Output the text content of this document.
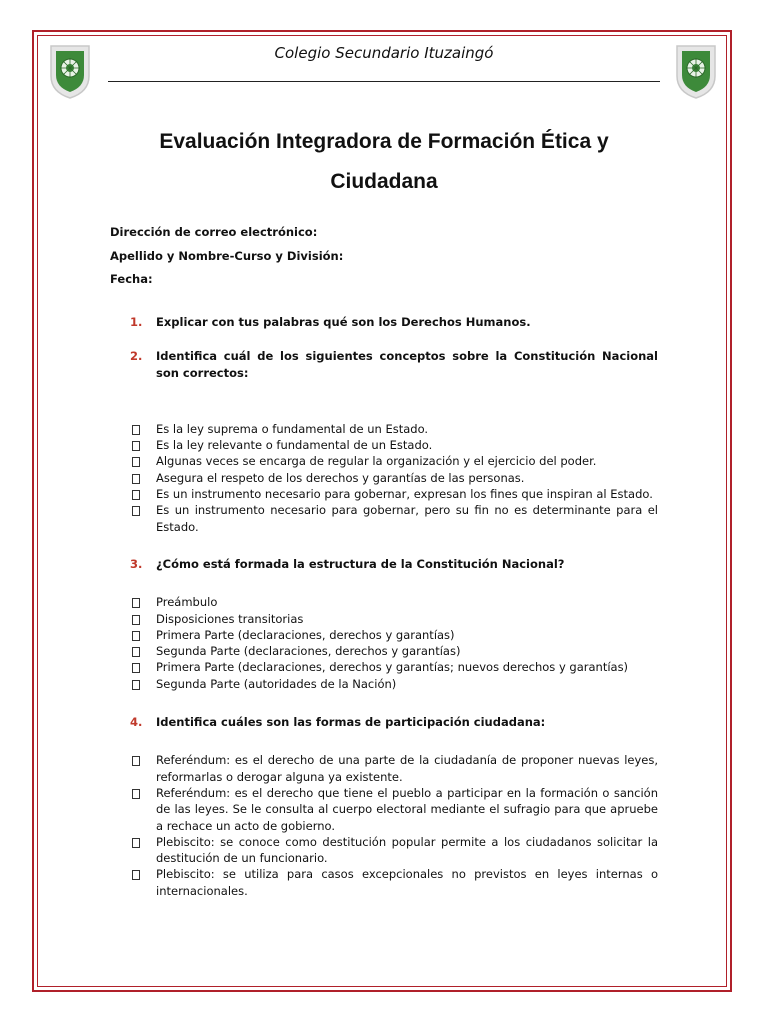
Colegio Secundario Ituzaingó
Evaluación Integradora de Formación Ética y
Ciudadana
Dirección de correo electrónico:
Apellido y Nombre-Curso y División:
Fecha:
1.	Explicar con tus palabras qué son los Derechos Humanos.
2.	Identifica cuál de los siguientes conceptos sobre la Constitución Nacional son correctos:
Es la ley suprema o fundamental de un Estado.
Es la ley relevante o fundamental de un Estado.
Algunas veces se encarga de regular la organización y el ejercicio del poder.
Asegura el respeto de los derechos y garantías de las personas.
Es un instrumento necesario para gobernar, expresan los fines que inspiran al Estado.
Es un instrumento necesario para gobernar, pero su fin no es determinante para el Estado.
3.	¿Cómo está formada la estructura de la Constitución Nacional?
Preámbulo
Disposiciones transitorias
Primera Parte (declaraciones, derechos y garantías)
Segunda Parte (declaraciones, derechos y garantías)
Primera Parte (declaraciones, derechos y garantías; nuevos derechos y garantías)
Segunda Parte (autoridades de la Nación)
4.	Identifica cuáles son las formas de participación ciudadana:
Referéndum: es el derecho de una parte de la ciudadanía de proponer nuevas leyes, reformarlas o derogar alguna ya existente.
Referéndum: es el derecho que tiene el pueblo a participar en la formación o sanción de las leyes. Se le consulta al cuerpo electoral mediante el sufragio para que apruebe a rechace un acto de gobierno.
Plebiscito: se conoce como destitución popular permite a los ciudadanos solicitar la destitución de un funcionario.
Plebiscito: se utiliza para casos excepcionales no previstos en leyes internas o internacionales.
